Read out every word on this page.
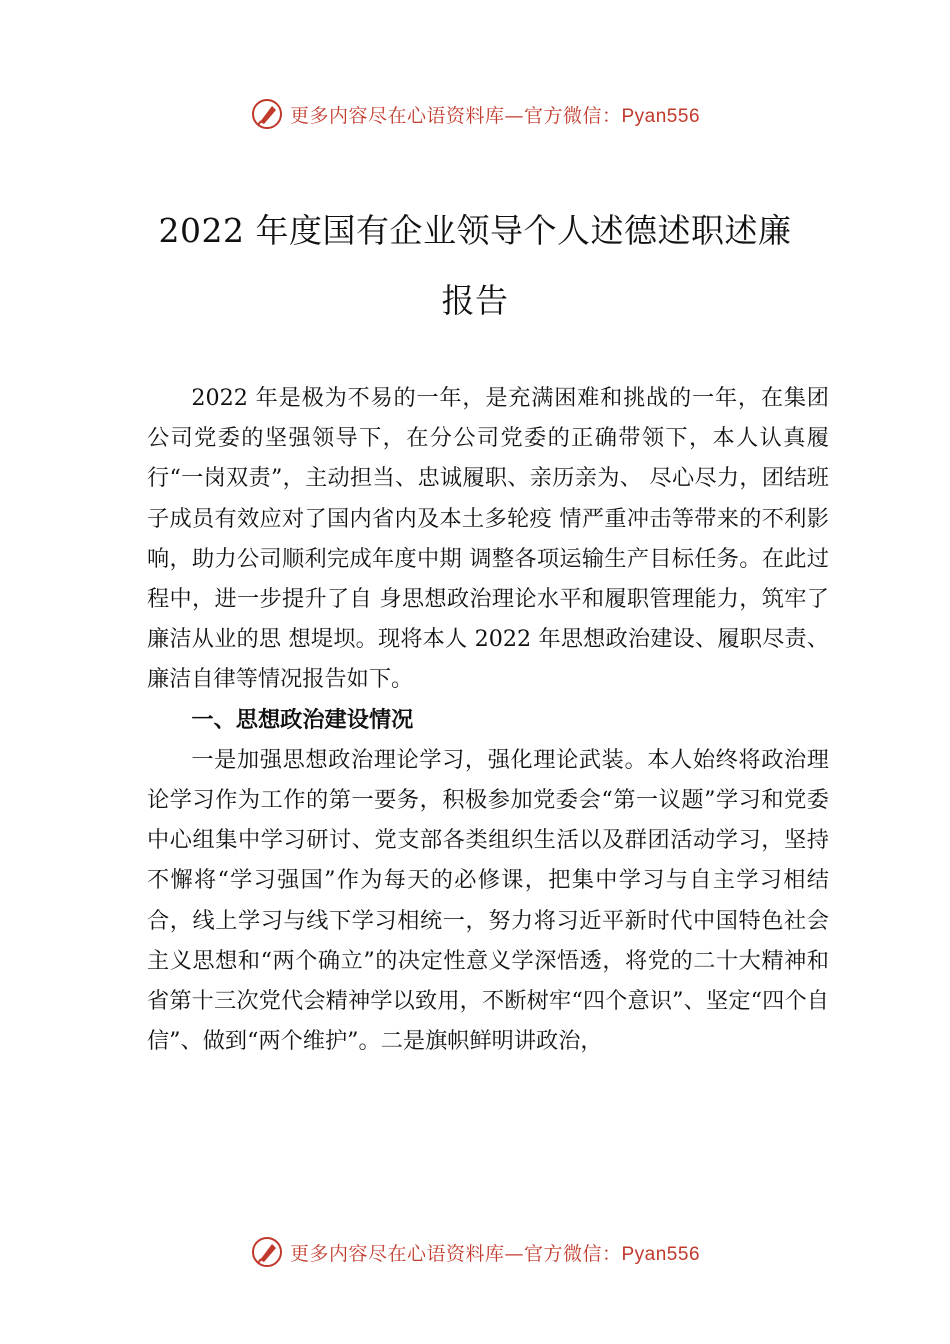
更多内容尽在心语资料库—官方微信：Pyan556
2022 年度国有企业领导个人述德述职述廉
报告

2022 年是极为不易的一年，是充满困难和挑战的一年，在集团公司党委的坚强领导下，在分公司党委的正确带领下，本人认真履行“一岗双责”，主动担当、忠诚履职、亲历亲为、 尽心尽力，团结班子成员有效应对了国内省内及本土多轮疫 情严重冲击等带来的不利影响，助力公司顺利完成年度中期 调整各项运输生产目标任务。在此过程中，进一步提升了自 身思想政治理论水平和履职管理能力，筑牢了廉洁从业的思 想堤坝。现将本人 2022 年思想政治建设、履职尽责、廉洁自律等情况报告如下。

一、思想政治建设情况

一是加强思想政治理论学习，强化理论武装。本人始终将政治理论学习作为工作的第一要务，积极参加党委会“第一议题”学习和党委中心组集中学习研讨、党支部各类组织生活以及群团活动学习，坚持不懈将“学习强国”作为每天的必修课，把集中学习与自主学习相结合，线上学习与线下学习相统一，努力将习近平新时代中国特色社会主义思想和“两个确立”的决定性意义学深悟透，将党的二十大精神和省第十三次党代会精神学以致用，不断树牢“四个意识”、坚定“四个自信”、做到“两个维护”。二是旗帜鲜明讲政治，

更多内容尽在心语资料库—官方微信：Pyan556
